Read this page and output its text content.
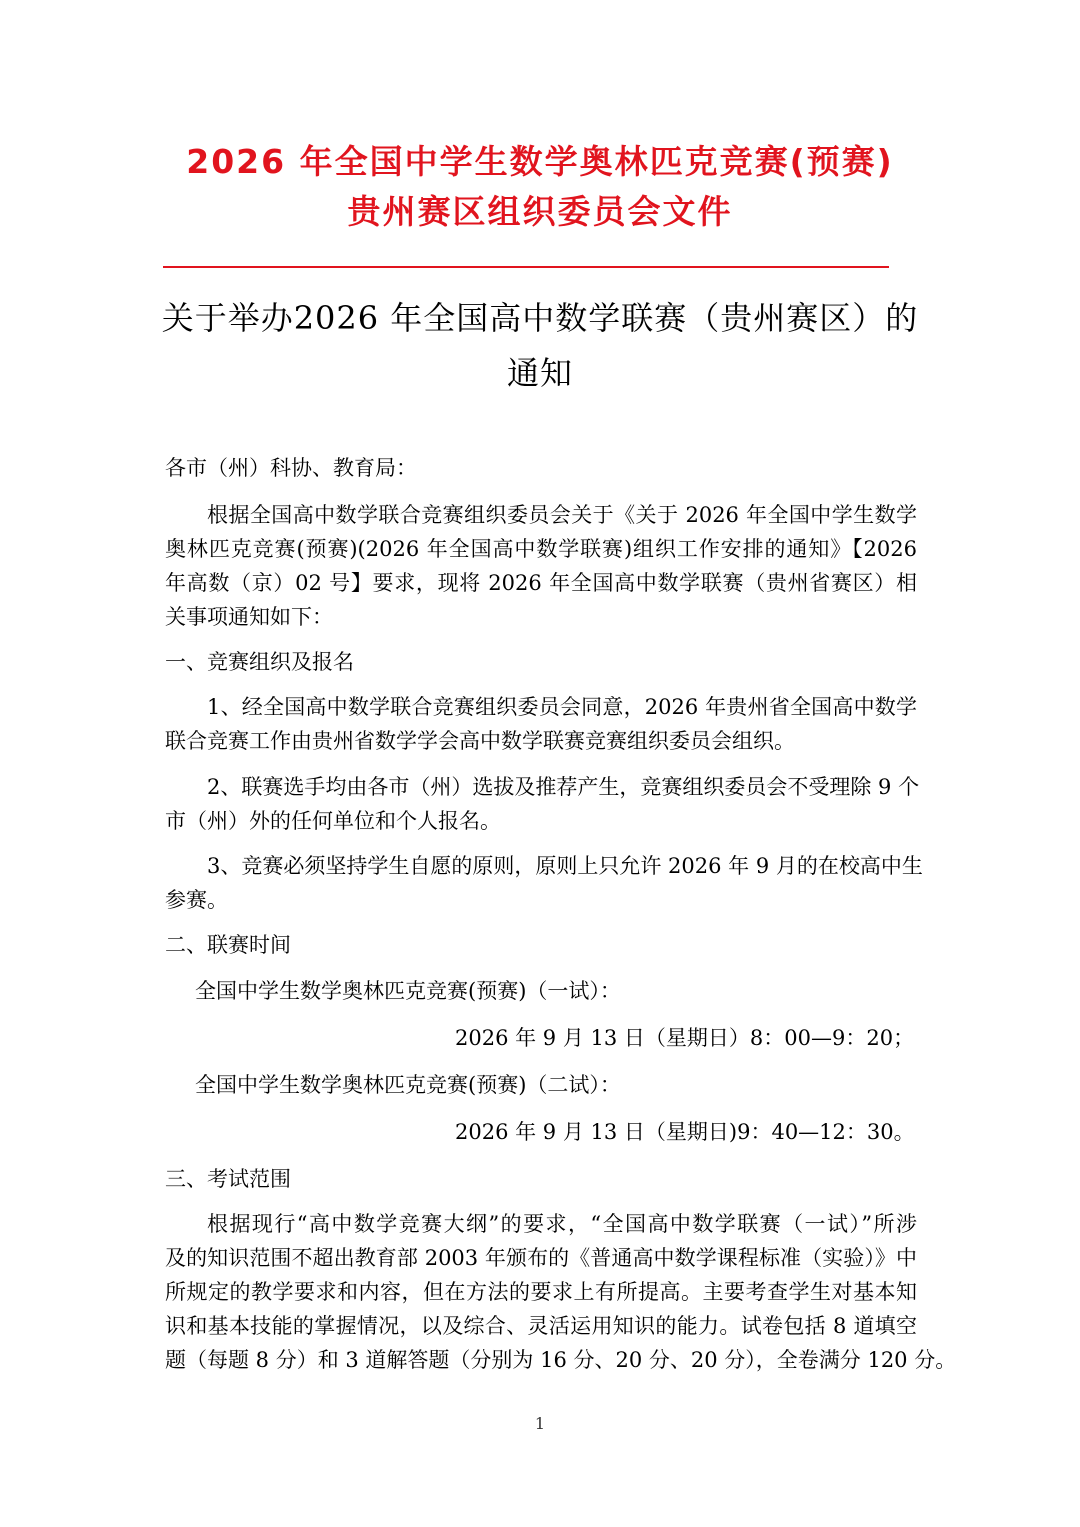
2026 年全国中学生数学奥林匹克竞赛(预赛)
贵州赛区组织委员会文件
关于举办2026 年全国高中数学联赛（贵州赛区）的
通知
各市（州）科协、教育局：
根据全国高中数学联合竞赛组织委员会关于《关于 2026 年全国中学生数学
奥林匹克竞赛(预赛)(2026 年全国高中数学联赛)组织工作安排的通知》【2026
年高数（京）02 号】要求，现将 2026 年全国高中数学联赛（贵州省赛区）相
关事项通知如下：
一、竞赛组织及报名
1、经全国高中数学联合竞赛组织委员会同意，2026 年贵州省全国高中数学
联合竞赛工作由贵州省数学学会高中数学联赛竞赛组织委员会组织。
2、联赛选手均由各市（州）选拔及推荐产生，竞赛组织委员会不受理除 9 个
市（州）外的任何单位和个人报名。
3、竞赛必须坚持学生自愿的原则，原则上只允许 2026 年 9 月的在校高中生
参赛。
二、联赛时间
全国中学生数学奥林匹克竞赛(预赛)（一试）：
2026 年 9 月 13 日（星期日）8：00—9：20；
全国中学生数学奥林匹克竞赛(预赛)（二试）：
2026 年 9 月 13 日（星期日)9：40—12：30。
三、考试范围
根据现行“高中数学竞赛大纲”的要求，“全国高中数学联赛（一试）”所涉
及的知识范围不超出教育部 2003 年颁布的《普通高中数学课程标准（实验）》中
所规定的教学要求和内容，但在方法的要求上有所提高。主要考查学生对基本知
识和基本技能的掌握情况，以及综合、灵活运用知识的能力。试卷包括 8 道填空
题（每题 8 分）和 3 道解答题（分别为 16 分、20 分、20 分），全卷满分 120 分。
1
